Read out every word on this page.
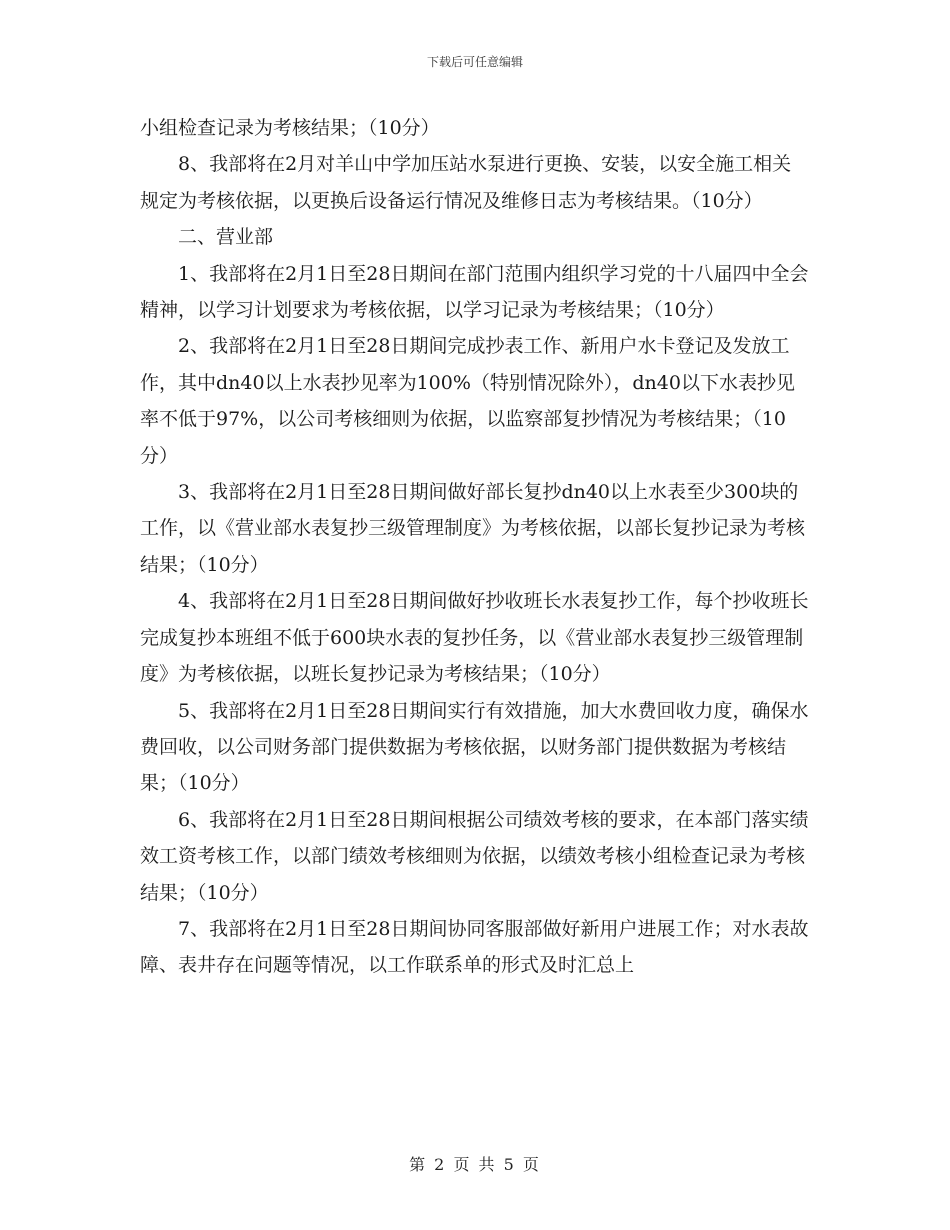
下载后可任意编辑

小组检查记录为考核结果；（10分）

8、我部将在2月对羊山中学加压站水泵进行更换、安装，以安全施工相关规定为考核依据，以更换后设备运行情况及维修日志为考核结果。（10分）

二、营业部

1、我部将在2月1日至28日期间在部门范围内组织学习党的十八届四中全会精神，以学习计划要求为考核依据，以学习记录为考核结果；（10分）

2、我部将在2月1日至28日期间完成抄表工作、新用户水卡登记及发放工作，其中dn40以上水表抄见率为100%（特别情况除外），dn40以下水表抄见率不低于97%，以公司考核细则为依据，以监察部复抄情况为考核结果；（10分）

3、我部将在2月1日至28日期间做好部长复抄dn40以上水表至少300块的工作，以《营业部水表复抄三级管理制度》为考核依据，以部长复抄记录为考核结果；（10分）

4、我部将在2月1日至28日期间做好抄收班长水表复抄工作，每个抄收班长完成复抄本班组不低于600块水表的复抄任务，以《营业部水表复抄三级管理制度》为考核依据，以班长复抄记录为考核结果；（10分）

5、我部将在2月1日至28日期间实行有效措施，加大水费回收力度，确保水费回收，以公司财务部门提供数据为考核依据，以财务部门提供数据为考核结果；（10分）

6、我部将在2月1日至28日期间根据公司绩效考核的要求，在本部门落实绩效工资考核工作，以部门绩效考核细则为依据，以绩效考核小组检查记录为考核结果；（10分）

7、我部将在2月1日至28日期间协同客服部做好新用户进展工作；对水表故障、表井存在问题等情况，以工作联系单的形式及时汇总上

第 2 页 共 5 页
